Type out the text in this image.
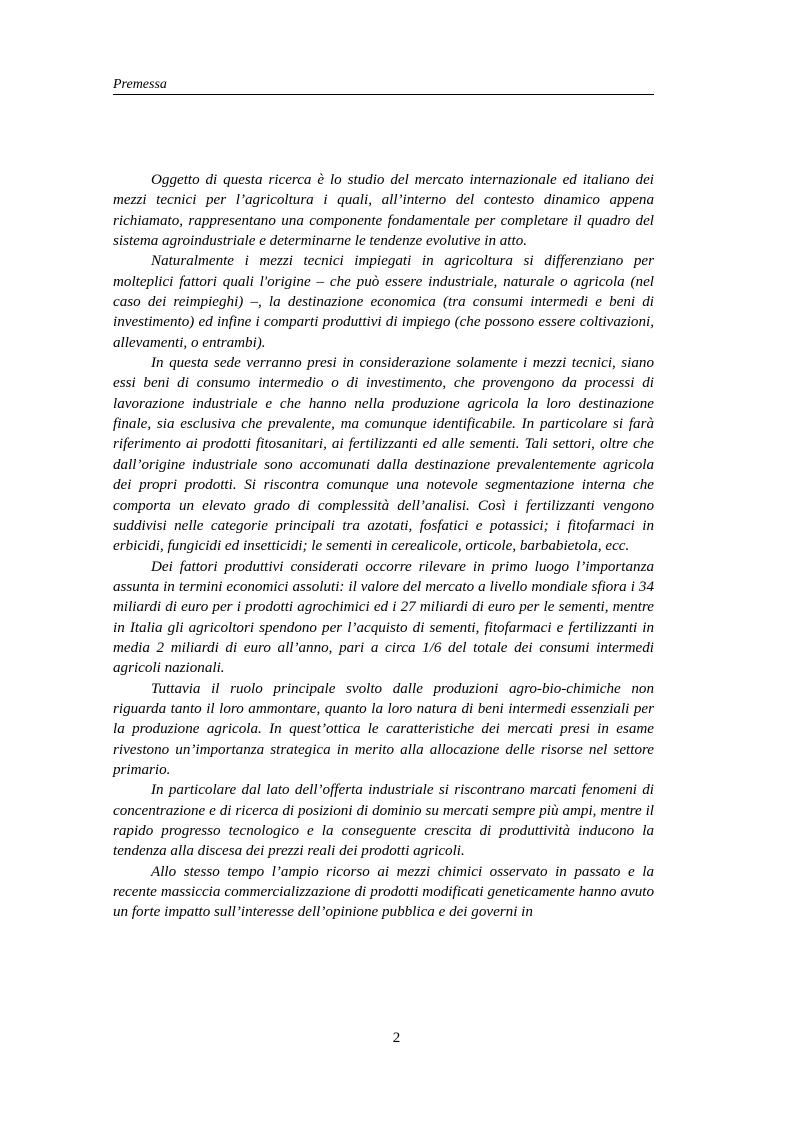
Premessa

Oggetto di questa ricerca è lo studio del mercato internazionale ed italiano dei mezzi tecnici per l’agricoltura i quali, all’interno del contesto dinamico appena richiamato, rappresentano una componente fondamentale per completare il quadro del sistema agroindustriale e determinarne le tendenze evolutive in atto.

Naturalmente i mezzi tecnici impiegati in agricoltura si differenziano per molteplici fattori quali l'origine – che può essere industriale, naturale o agricola (nel caso dei reimpieghi) –, la destinazione economica (tra consumi intermedi e beni di investimento) ed infine i comparti produttivi di impiego (che possono essere coltivazioni, allevamenti, o entrambi).

In questa sede verranno presi in considerazione solamente i mezzi tecnici, siano essi beni di consumo intermedio o di investimento, che provengono da processi di lavorazione industriale e che hanno nella produzione agricola la loro destinazione finale, sia esclusiva che prevalente, ma comunque identificabile. In particolare si farà riferimento ai prodotti fitosanitari, ai fertilizzanti ed alle sementi. Tali settori, oltre che dall’origine industriale sono accomunati dalla destinazione prevalentemente agricola dei propri prodotti. Si riscontra comunque una notevole segmentazione interna che comporta un elevato grado di complessità dell’analisi. Così i fertilizzanti vengono suddivisi nelle categorie principali tra azotati, fosfatici e potassici; i fitofarmaci in erbicidi, fungicidi ed insetticidi; le sementi in cerealicole, orticole, barbabietola, ecc.

Dei fattori produttivi considerati occorre rilevare in primo luogo l’importanza assunta in termini economici assoluti: il valore del mercato a livello mondiale sfiora i 34 miliardi di euro per i prodotti agrochimici ed i 27 miliardi di euro per le sementi, mentre in Italia gli agricoltori spendono per l’acquisto di sementi, fitofarmaci e fertilizzanti in media 2 miliardi di euro all’anno, pari a circa 1/6 del totale dei consumi intermedi agricoli nazionali.

Tuttavia il ruolo principale svolto dalle produzioni agro-bio-chimiche non riguarda tanto il loro ammontare, quanto la loro natura di beni intermedi essenziali per la produzione agricola. In quest’ottica le caratteristiche dei mercati presi in esame rivestono un’importanza strategica in merito alla allocazione delle risorse nel settore primario.

In particolare dal lato dell’offerta industriale si riscontrano marcati fenomeni di concentrazione e di ricerca di posizioni di dominio su mercati sempre più ampi, mentre il rapido progresso tecnologico e la conseguente crescita di produttività inducono la tendenza alla discesa dei prezzi reali dei prodotti agricoli.

Allo stesso tempo l’ampio ricorso ai mezzi chimici osservato in passato e la recente massiccia commercializzazione di prodotti modificati geneticamente hanno avuto un forte impatto sull’interesse dell’opinione pubblica e dei governi in

2
